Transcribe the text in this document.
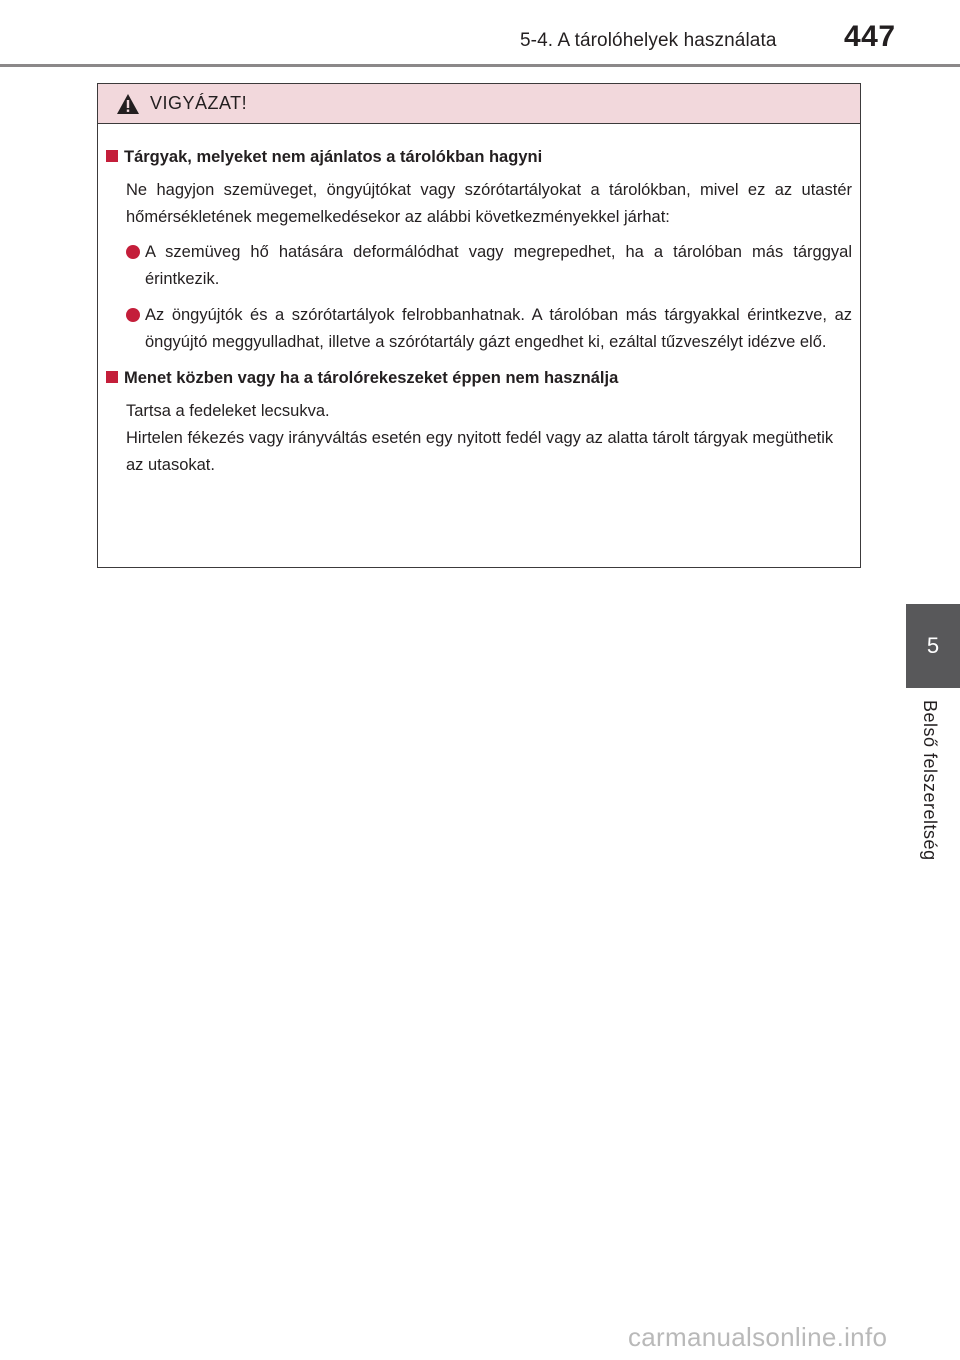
5-4. A tárolóhelyek használata 447
5
Belső felszereltség
VIGYÁZAT!
Tárgyak, melyeket nem ajánlatos a tárolókban hagyni

Ne hagyjon szemüveget, öngyújtókat vagy szórótartályokat a tárolókban, mivel ez az utastér hőmérsékletének megemelkedésekor az alábbi következményekkel járhat:

A szemüveg hő hatására deformálódhat vagy megrepedhet, ha a tárolóban más tárggyal érintkezik.
Az öngyújtók és a szórótartályok felrobbanhatnak. A tárolóban más tárgyakkal érintkezve, az öngyújtó meggyulladhat, illetve a szórótartály gázt engedhet ki, ezáltal tűzveszélyt idézve elő.
Menet közben vagy ha a tárolórekeszeket éppen nem használja
Tartsa a fedeleket lecsukva.
Hirtelen fékezés vagy irányváltás esetén egy nyitott fedél vagy az alatta tárolt tárgyak megüthetik az utasokat.
carmanualsonline.info
